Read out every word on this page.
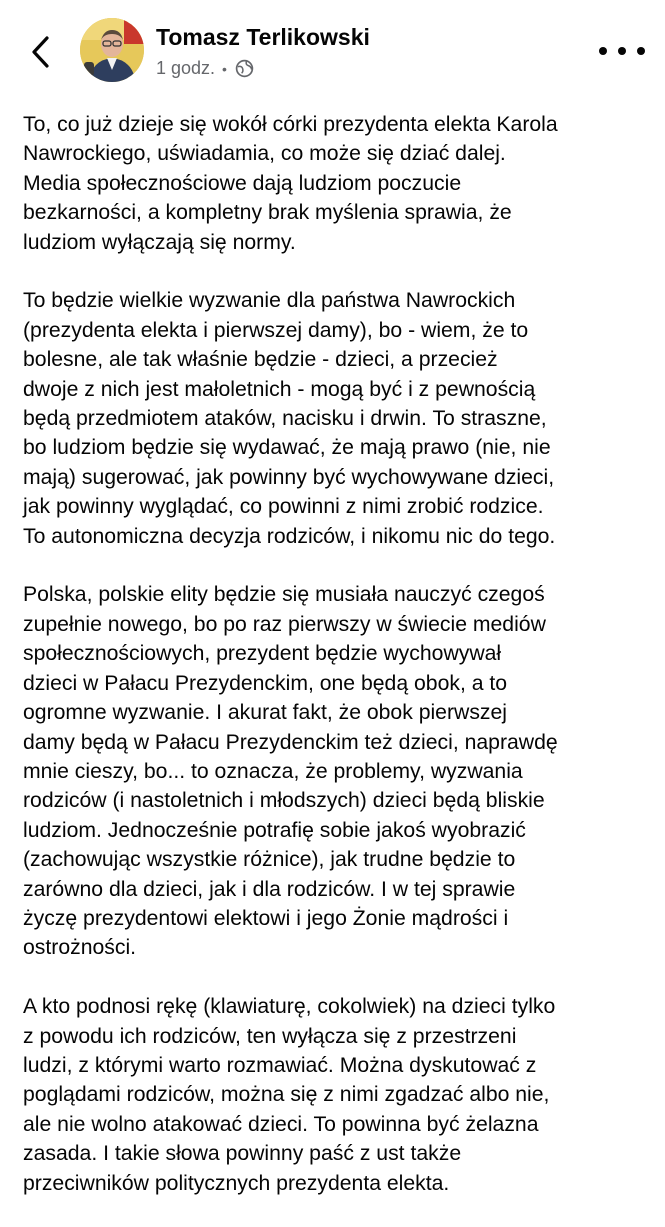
Tomasz Terlikowski
1 godz. •

To, co już dzieje się wokół córki prezydenta elekta Karola
Nawrockiego, uświadamia, co może się dziać dalej.
Media społecznościowe dają ludziom poczucie
bezkarności, a kompletny brak myślenia sprawia, że
ludziom wyłączają się normy.

To będzie wielkie wyzwanie dla państwa Nawrockich
(prezydenta elekta i pierwszej damy), bo - wiem, że to
bolesne, ale tak właśnie będzie - dzieci, a przecież
dwoje z nich jest małoletnich - mogą być i z pewnością
będą przedmiotem ataków, nacisku i drwin. To straszne,
bo ludziom będzie się wydawać, że mają prawo (nie, nie
mają) sugerować, jak powinny być wychowywane dzieci,
jak powinny wyglądać, co powinni z nimi zrobić rodzice.
To autonomiczna decyzja rodziców, i nikomu nic do tego.

Polska, polskie elity będzie się musiała nauczyć czegoś
zupełnie nowego, bo po raz pierwszy w świecie mediów
społecznościowych, prezydent będzie wychowywał
dzieci w Pałacu Prezydenckim, one będą obok, a to
ogromne wyzwanie. I akurat fakt, że obok pierwszej
damy będą w Pałacu Prezydenckim też dzieci, naprawdę
mnie cieszy, bo... to oznacza, że problemy, wyzwania
rodziców (i nastoletnich i młodszych) dzieci będą bliskie
ludziom. Jednocześnie potrafię sobie jakoś wyobrazić
(zachowując wszystkie różnice), jak trudne będzie to
zarówno dla dzieci, jak i dla rodziców. I w tej sprawie
życzę prezydentowi elektowi i jego Żonie mądrości i
ostrożności.

A kto podnosi rękę (klawiaturę, cokolwiek) na dzieci tylko
z powodu ich rodziców, ten wyłącza się z przestrzeni
ludzi, z którymi warto rozmawiać. Można dyskutować z
poglądami rodziców, można się z nimi zgadzać albo nie,
ale nie wolno atakować dzieci. To powinna być żelazna
zasada. I takie słowa powinny paść z ust także
przeciwników politycznych prezydenta elekta.
